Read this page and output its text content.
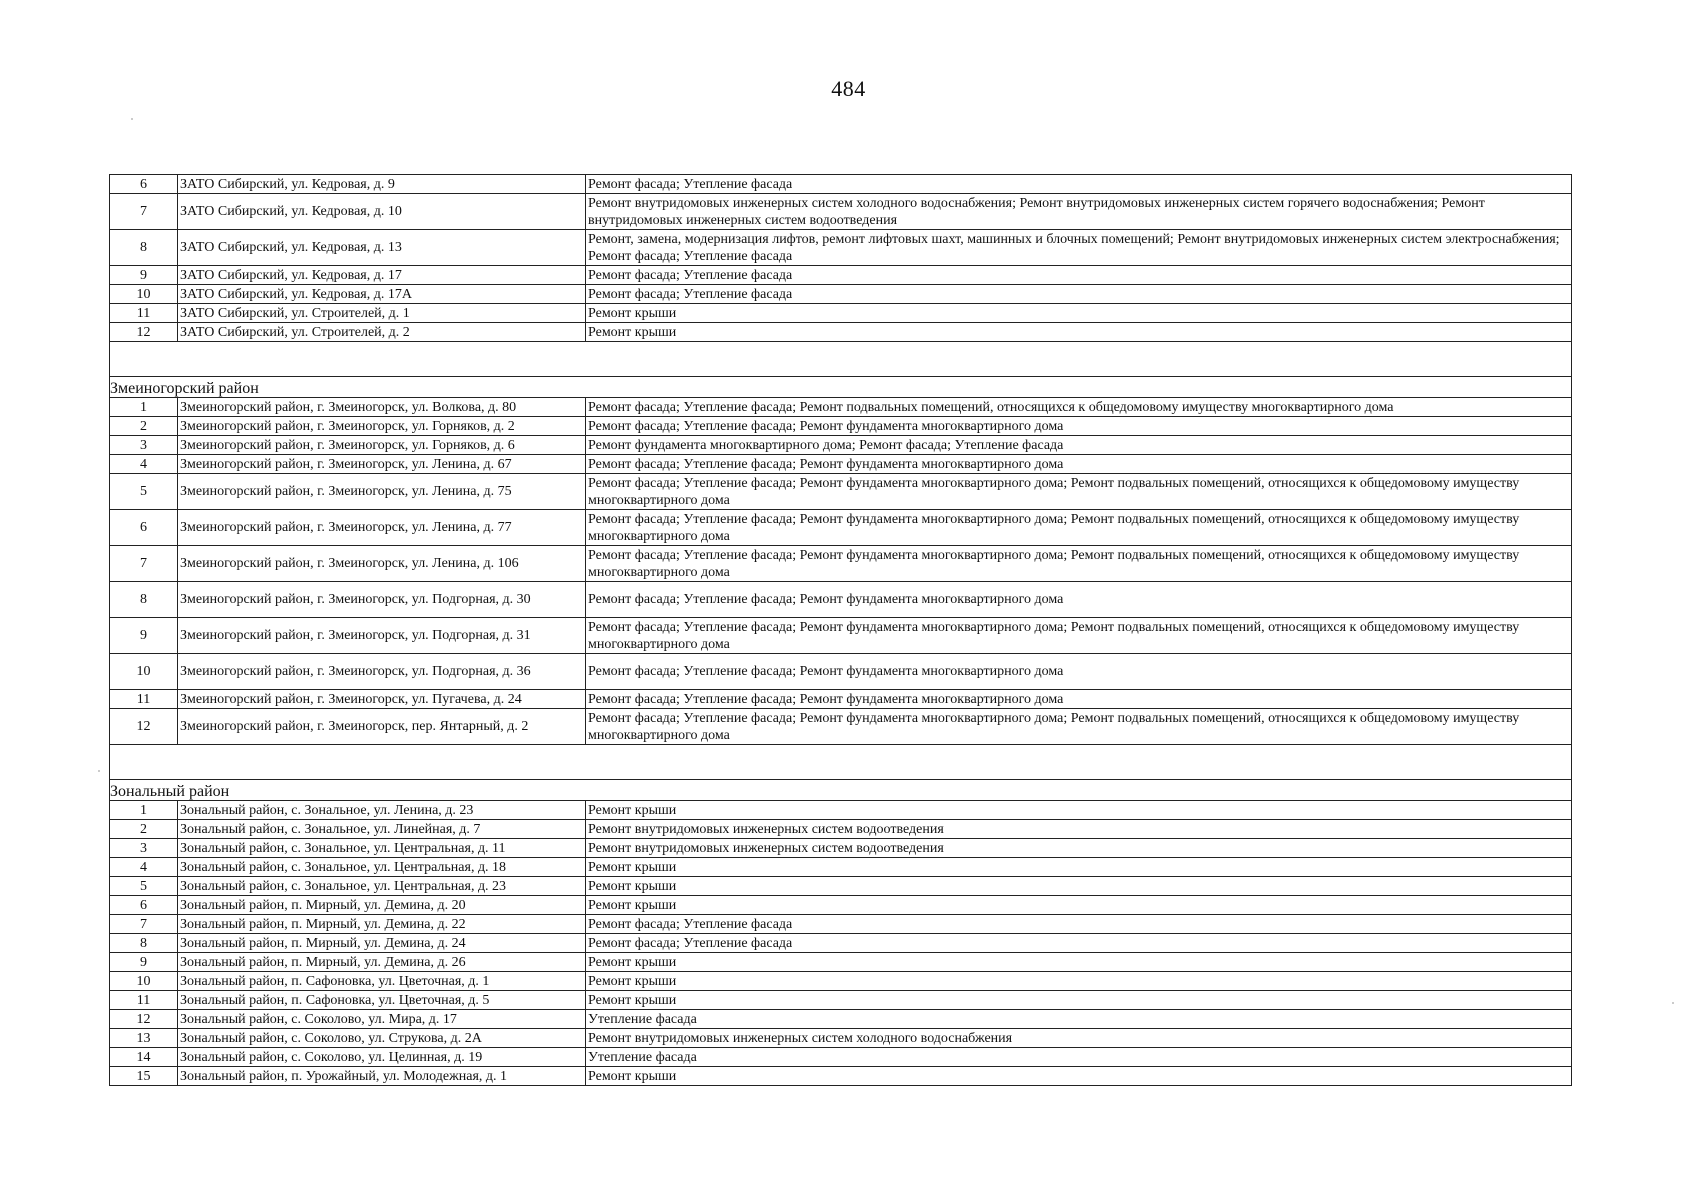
484
6	ЗАТО Сибирский, ул. Кедровая, д. 9	Ремонт фасада; Утепление фасада
7	ЗАТО Сибирский, ул. Кедровая, д. 10	Ремонт внутридомовых инженерных систем холодного водоснабжения; Ремонт внутридомовых инженерных систем горячего водоснабжения; Ремонт внутридомовых инженерных систем водоотведения
8	ЗАТО Сибирский, ул. Кедровая, д. 13	Ремонт, замена, модернизация лифтов, ремонт лифтовых шахт, машинных и блочных помещений; Ремонт внутридомовых инженерных систем электроснабжения; Ремонт фасада; Утепление фасада
9	ЗАТО Сибирский, ул. Кедровая, д. 17	Ремонт фасада; Утепление фасада
10	ЗАТО Сибирский, ул. Кедровая, д. 17А	Ремонт фасада; Утепление фасада
11	ЗАТО Сибирский, ул. Строителей, д. 1	Ремонт крыши
12	ЗАТО Сибирский, ул. Строителей, д. 2	Ремонт крыши

Змеиногорский район		
1	Змеиногорский район, г. Змеиногорск, ул. Волкова, д. 80	Ремонт фасада; Утепление фасада; Ремонт подвальных помещений, относящихся к общедомовому имуществу многоквартирного дома
2	Змеиногорский район, г. Змеиногорск, ул. Горняков, д. 2	Ремонт фасада; Утепление фасада; Ремонт фундамента многоквартирного дома
3	Змеиногорский район, г. Змеиногорск, ул. Горняков, д. 6	Ремонт фундамента многоквартирного дома; Ремонт фасада; Утепление фасада
4	Змеиногорский район, г. Змеиногорск, ул. Ленина, д. 67	Ремонт фасада; Утепление фасада; Ремонт фундамента многоквартирного дома
5	Змеиногорский район, г. Змеиногорск, ул. Ленина, д. 75	Ремонт фасада; Утепление фасада; Ремонт фундамента многоквартирного дома; Ремонт подвальных помещений, относящихся к общедомовому имуществу многоквартирного дома
6	Змеиногорский район, г. Змеиногорск, ул. Ленина, д. 77	Ремонт фасада; Утепление фасада; Ремонт фундамента многоквартирного дома; Ремонт подвальных помещений, относящихся к общедомовому имуществу многоквартирного дома
7	Змеиногорский район, г. Змеиногорск, ул. Ленина, д. 106	Ремонт фасада; Утепление фасада; Ремонт фундамента многоквартирного дома; Ремонт подвальных помещений, относящихся к общедомовому имуществу многоквартирного дома
8	Змеиногорский район, г. Змеиногорск, ул. Подгорная, д. 30	Ремонт фасада; Утепление фасада; Ремонт фундамента многоквартирного дома
9	Змеиногорский район, г. Змеиногорск, ул. Подгорная, д. 31	Ремонт фасада; Утепление фасада; Ремонт фундамента многоквартирного дома; Ремонт подвальных помещений, относящихся к общедомовому имуществу многоквартирного дома
10	Змеиногорский район, г. Змеиногорск, ул. Подгорная, д. 36	Ремонт фасада; Утепление фасада; Ремонт фундамента многоквартирного дома
11	Змеиногорский район, г. Змеиногорск, ул. Пугачева, д. 24	Ремонт фасада; Утепление фасада; Ремонт фундамента многоквартирного дома
12	Змеиногорский район, г. Змеиногорск, пер. Янтарный, д. 2	Ремонт фасада; Утепление фасада; Ремонт фундамента многоквартирного дома; Ремонт подвальных помещений, относящихся к общедомовому имуществу многоквартирного дома

Зональный район		
1	Зональный район, с. Зональное, ул. Ленина, д. 23	Ремонт крыши
2	Зональный район, с. Зональное, ул. Линейная, д. 7	Ремонт внутридомовых инженерных систем водоотведения
3	Зональный район, с. Зональное, ул. Центральная, д. 11	Ремонт внутридомовых инженерных систем водоотведения
4	Зональный район, с. Зональное, ул. Центральная, д. 18	Ремонт крыши
5	Зональный район, с. Зональное, ул. Центральная, д. 23	Ремонт крыши
6	Зональный район, п. Мирный, ул. Демина, д. 20	Ремонт крыши
7	Зональный район, п. Мирный, ул. Демина, д. 22	Ремонт фасада; Утепление фасада
8	Зональный район, п. Мирный, ул. Демина, д. 24	Ремонт фасада; Утепление фасада
9	Зональный район, п. Мирный, ул. Демина, д. 26	Ремонт крыши
10	Зональный район, п. Сафоновка, ул. Цветочная, д. 1	Ремонт крыши
11	Зональный район, п. Сафоновка, ул. Цветочная, д. 5	Ремонт крыши
12	Зональный район, с. Соколово, ул. Мира, д. 17	Утепление фасада
13	Зональный район, с. Соколово, ул. Струкова, д. 2А	Ремонт внутридомовых инженерных систем холодного водоснабжения
14	Зональный район, с. Соколово, ул. Целинная, д. 19	Утепление фасада
15	Зональный район, п. Урожайный, ул. Молодежная, д. 1	Ремонт крыши
